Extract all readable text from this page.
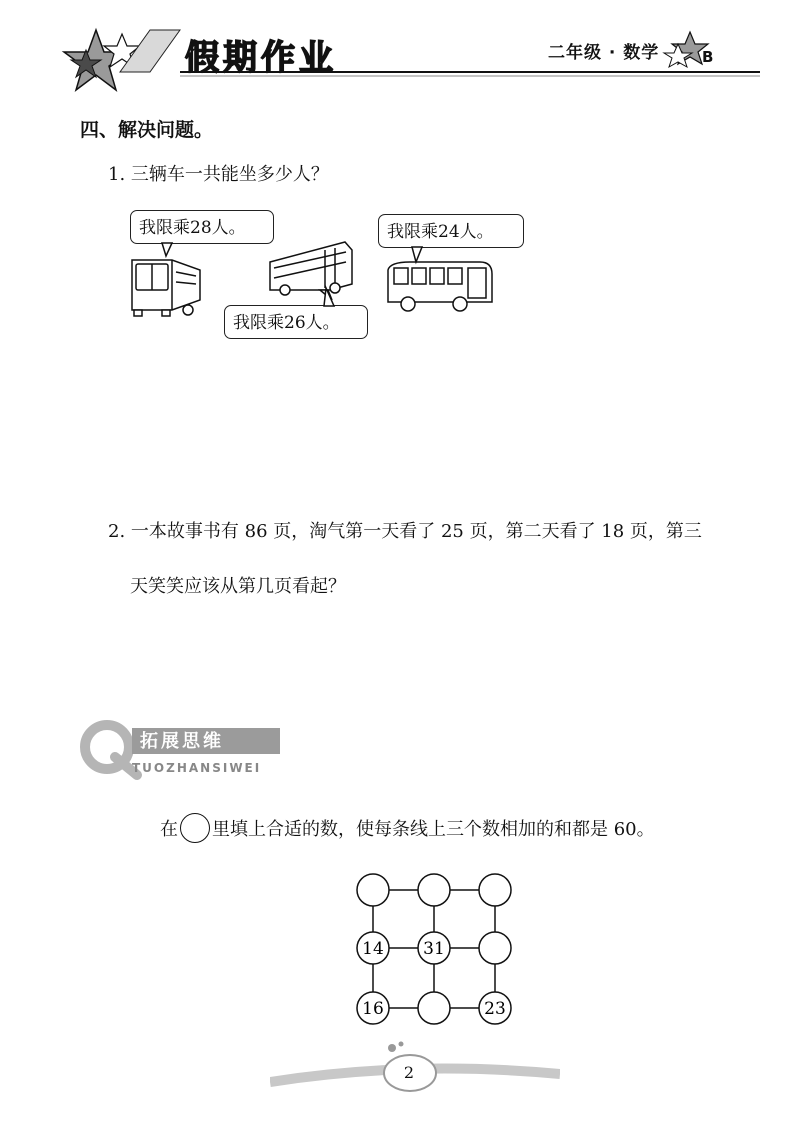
假期作业	二年级 · 数学	B
四、解决问题。
1. 三辆车一共能坐多少人？
我限乘28人。	我限乘24人。
我限乘26人。
2. 一本故事书有 86 页，淘气第一天看了 25 页，第二天看了 18 页，第三
天笑笑应该从第几页看起？
拓展思维
TUOZHANSIWEI
在 里填上合适的数，使每条线上三个数相加的和都是 60。
14 31
16	23
2
